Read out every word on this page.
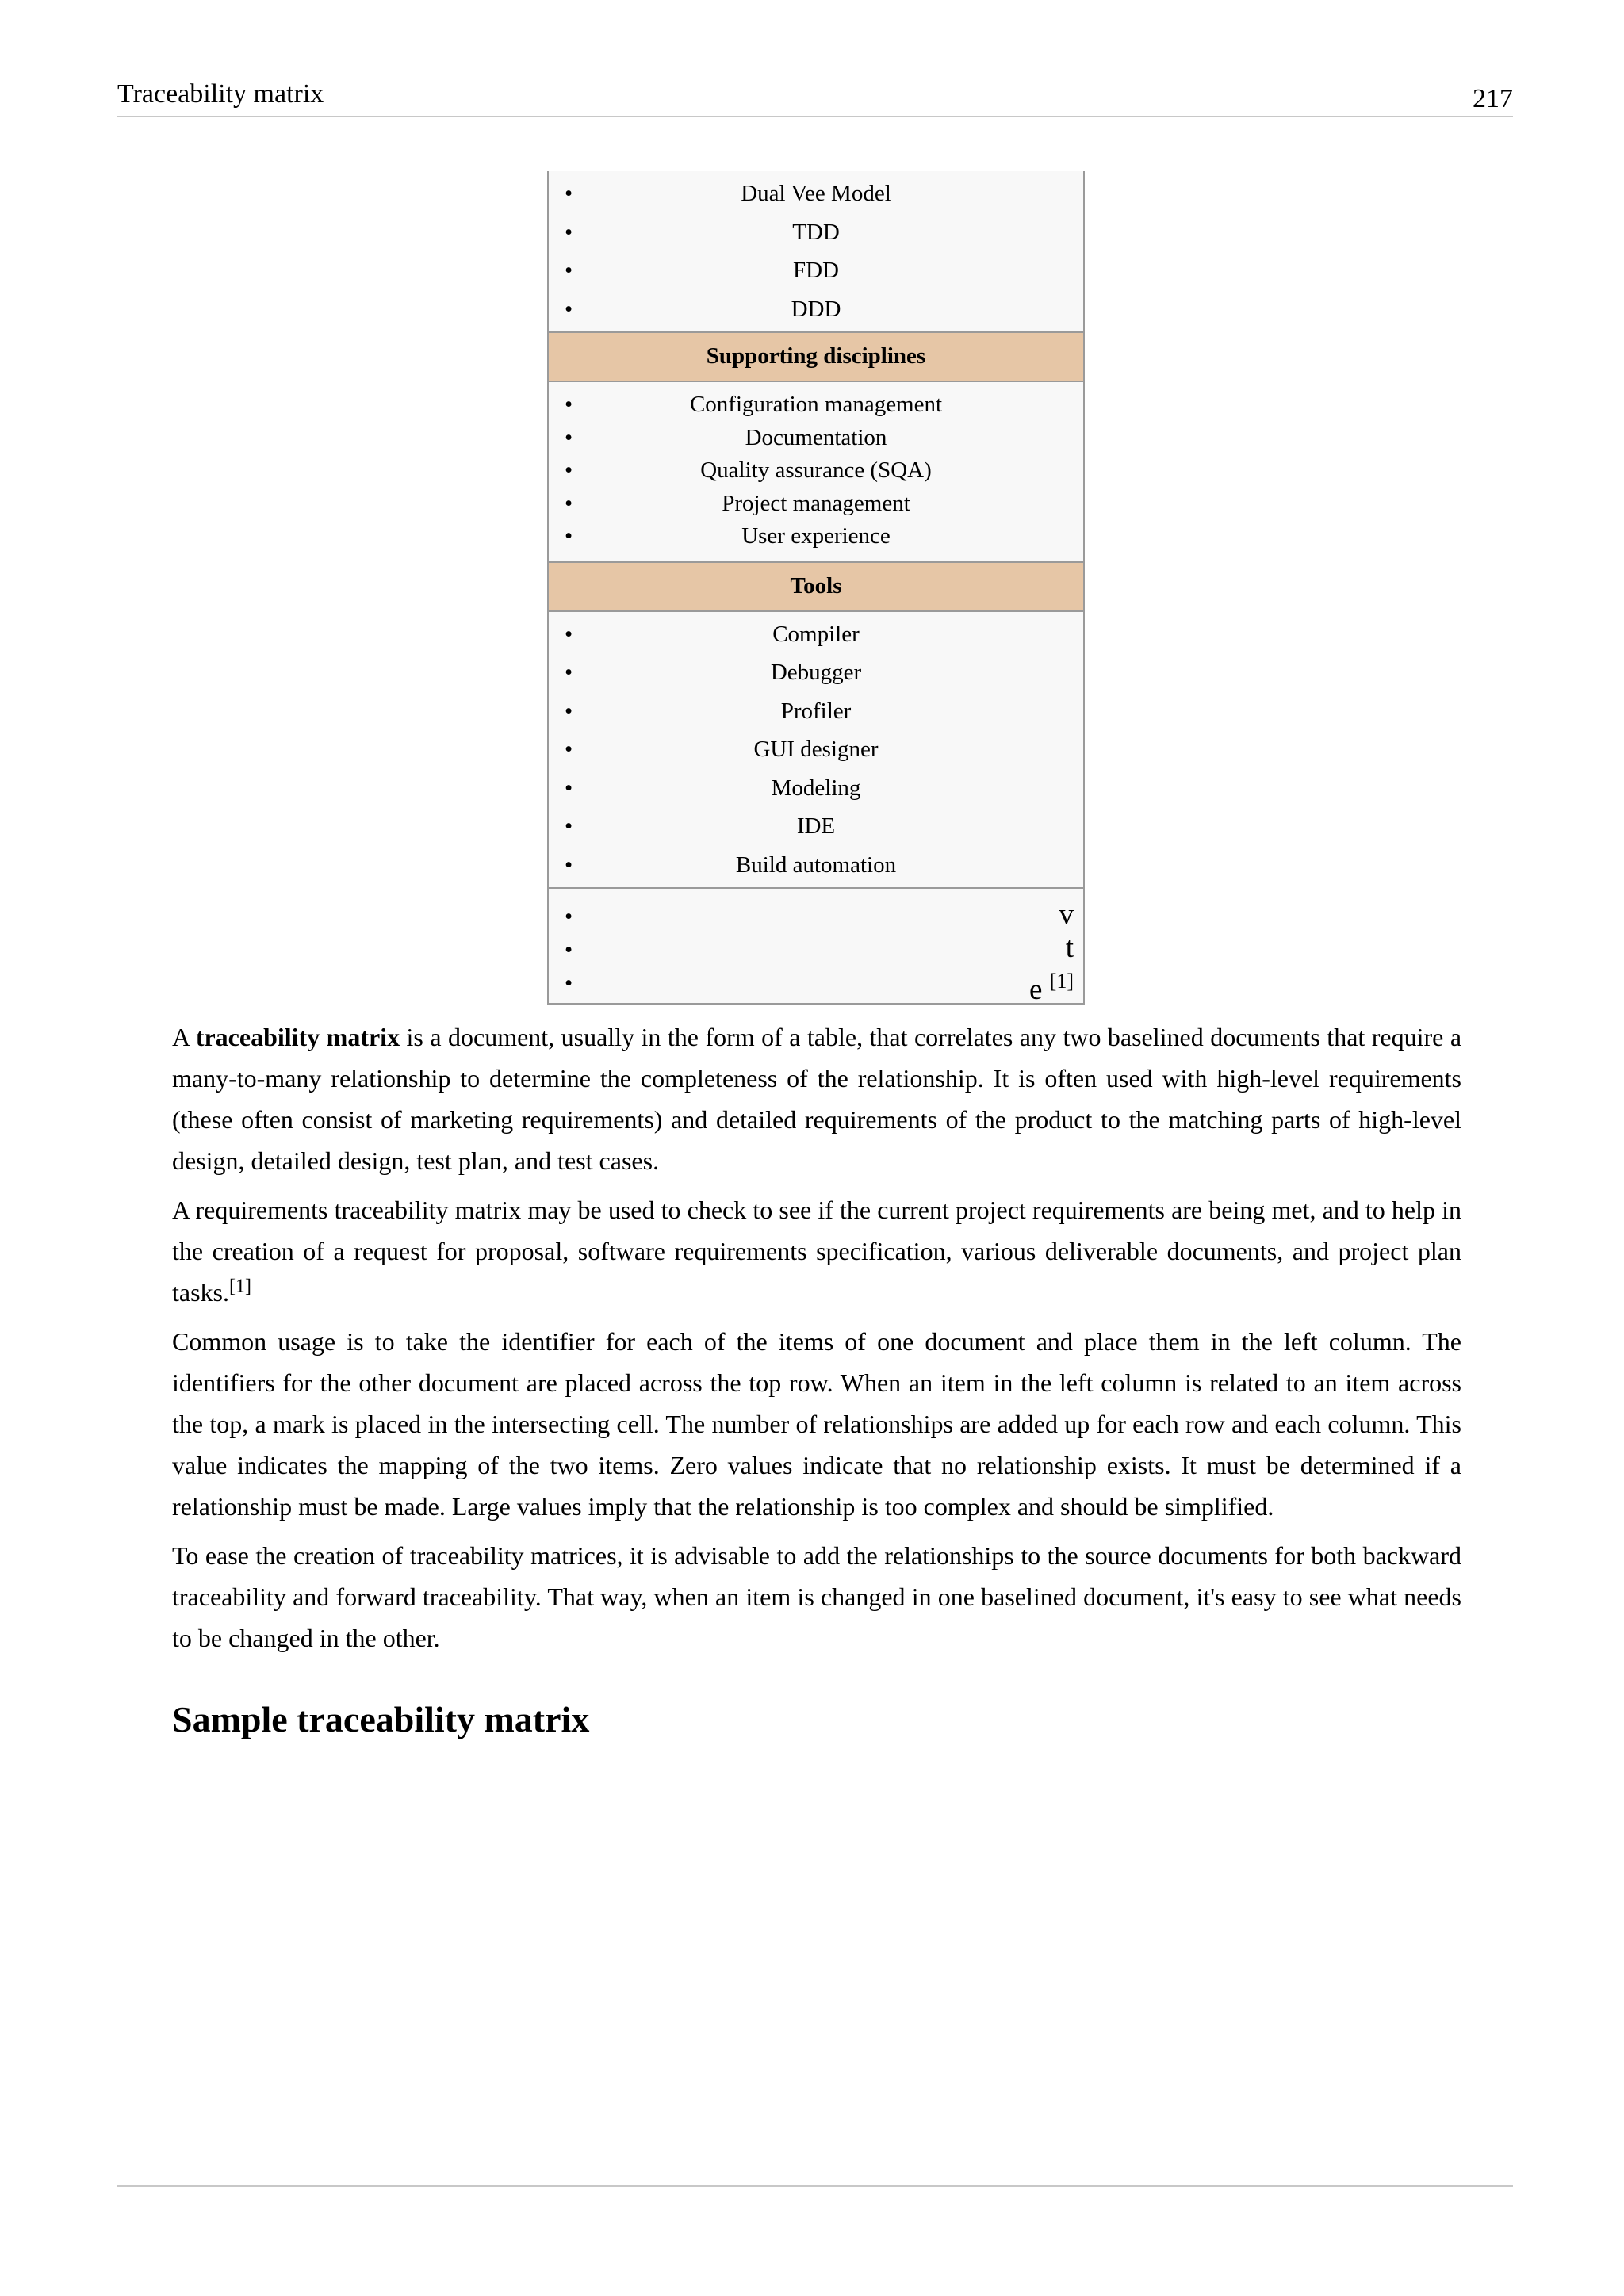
Traceability matrix	217
•	Dual Vee Model
•	TDD
•	FDD
•	DDD
Supporting disciplines
•	Configuration management
•	Documentation
•	Quality assurance (SQA)
•	Project management
•	User experience
Tools
•	Compiler
•	Debugger
•	Profiler
•	GUI designer
•	Modeling
•	IDE
•	Build automation
•	v
•	t
•	e [1]

A traceability matrix is a document, usually in the form of a table, that correlates any two baselined documents that require a many-to-many relationship to determine the completeness of the relationship. It is often used with high-level requirements (these often consist of marketing requirements) and detailed requirements of the product to the matching parts of high-level design, detailed design, test plan, and test cases.

A requirements traceability matrix may be used to check to see if the current project requirements are being met, and to help in the creation of a request for proposal, software requirements specification, various deliverable documents, and project plan tasks.[1]

Common usage is to take the identifier for each of the items of one document and place them in the left column. The identifiers for the other document are placed across the top row. When an item in the left column is related to an item across the top, a mark is placed in the intersecting cell. The number of relationships are added up for each row and each column. This value indicates the mapping of the two items. Zero values indicate that no relationship exists. It must be determined if a relationship must be made. Large values imply that the relationship is too complex and should be simplified.

To ease the creation of traceability matrices, it is advisable to add the relationships to the source documents for both backward traceability and forward traceability. That way, when an item is changed in one baselined document, it's easy to see what needs to be changed in the other.

Sample traceability matrix
